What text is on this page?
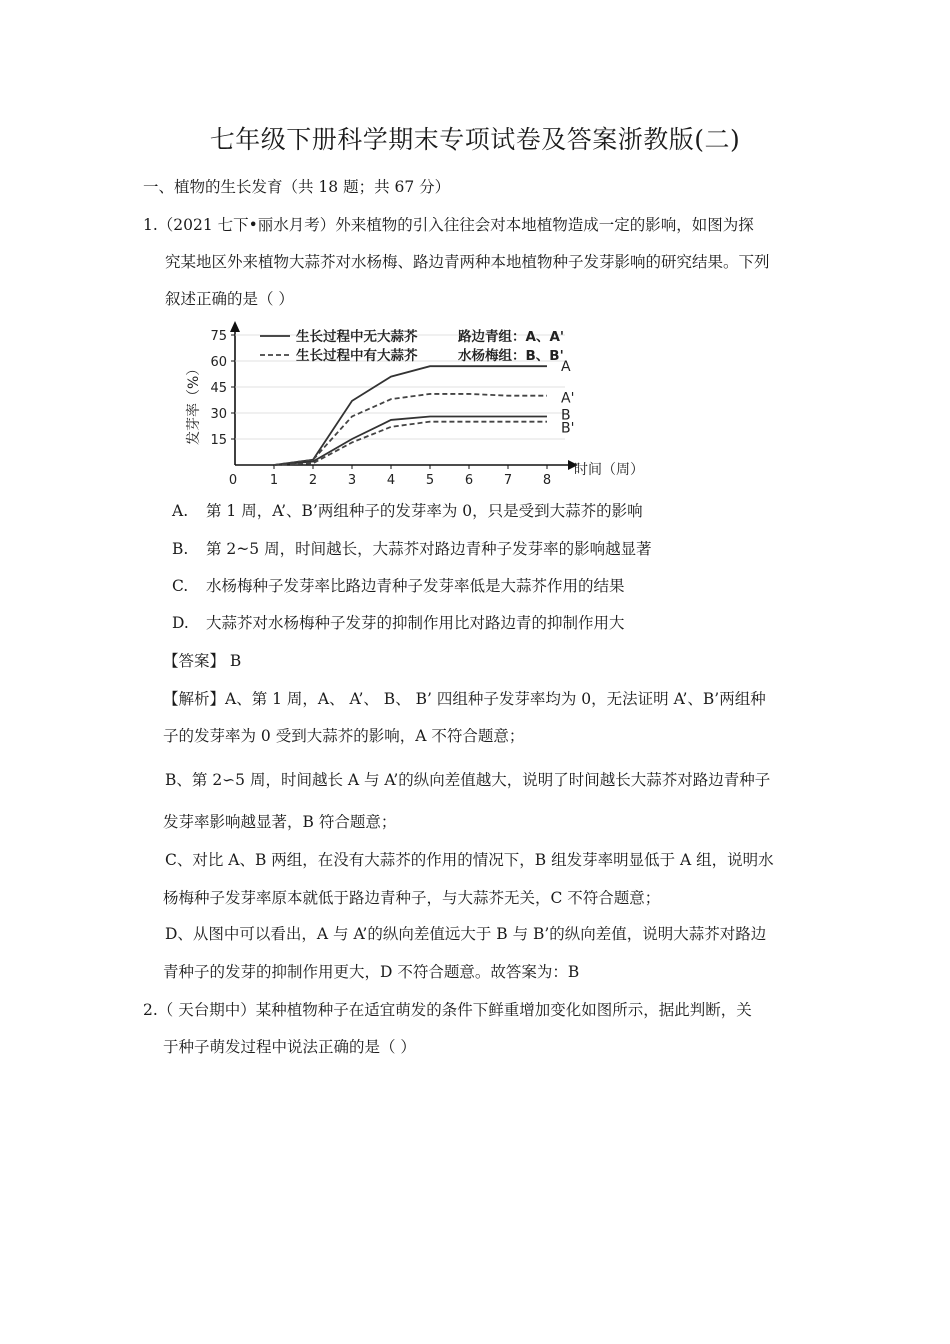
七年级下册科学期末专项试卷及答案浙教版(二)
一、植物的生长发育（共 18 题；共 67 分）
1.（2021 七下•丽水月考）外来植物的引入往往会对本地植物造成一定的影响，如图为探
究某地区外来植物大蒜芥对水杨梅、路边青两种本地植物种子发芽影响的研究结果。下列
叙述正确的是（ ）
15
30
45
60
75
0	1 2 3 4 5 6 7 8
时间（周）
发芽率（%）	A
A'
B
B'
生长过程中无大蒜芥
生长过程中有大蒜芥
路边青组：A、A'
水杨梅组：B、B'
A. 第 1 周，A’、B’两组种子的发芽率为 0，只是受到大蒜芥的影响
B. 第 2~5 周，时间越长，大蒜芥对路边青种子发芽率的影响越显著
C. 水杨梅种子发芽率比路边青种子发芽率低是大蒜芥作用的结果
D. 大蒜芥对水杨梅种子发芽的抑制作用比对路边青的抑制作用大
【答案】 B
【解析】A、第 1 周，A、 A’、 B、 B’ 四组种子发芽率均为 0，无法证明 A’、B’两组种
子的发芽率为 0 受到大蒜芥的影响，A 不符合题意；
B、第 2∽5 周，时间越长 A 与 A’的纵向差值越大，说明了时间越长大蒜芥对路边青种子
发芽率影响越显著，B 符合题意；
C、对比 A、B 两组，在没有大蒜芥的作用的情况下，B 组发芽率明显低于 A 组，说明水
杨梅种子发芽率原本就低于路边青种子，与大蒜芥无关，C 不符合题意；
D、从图中可以看出，A 与 A’的纵向差值远大于 B 与 B’的纵向差值，说明大蒜芥对路边
青种子的发芽的抑制作用更大，D 不符合题意。故答案为：B
2.（ 天台期中）某种植物种子在适宜萌发的条件下鲜重增加变化如图所示，据此判断，关
于种子萌发过程中说法正确的是（ ）
